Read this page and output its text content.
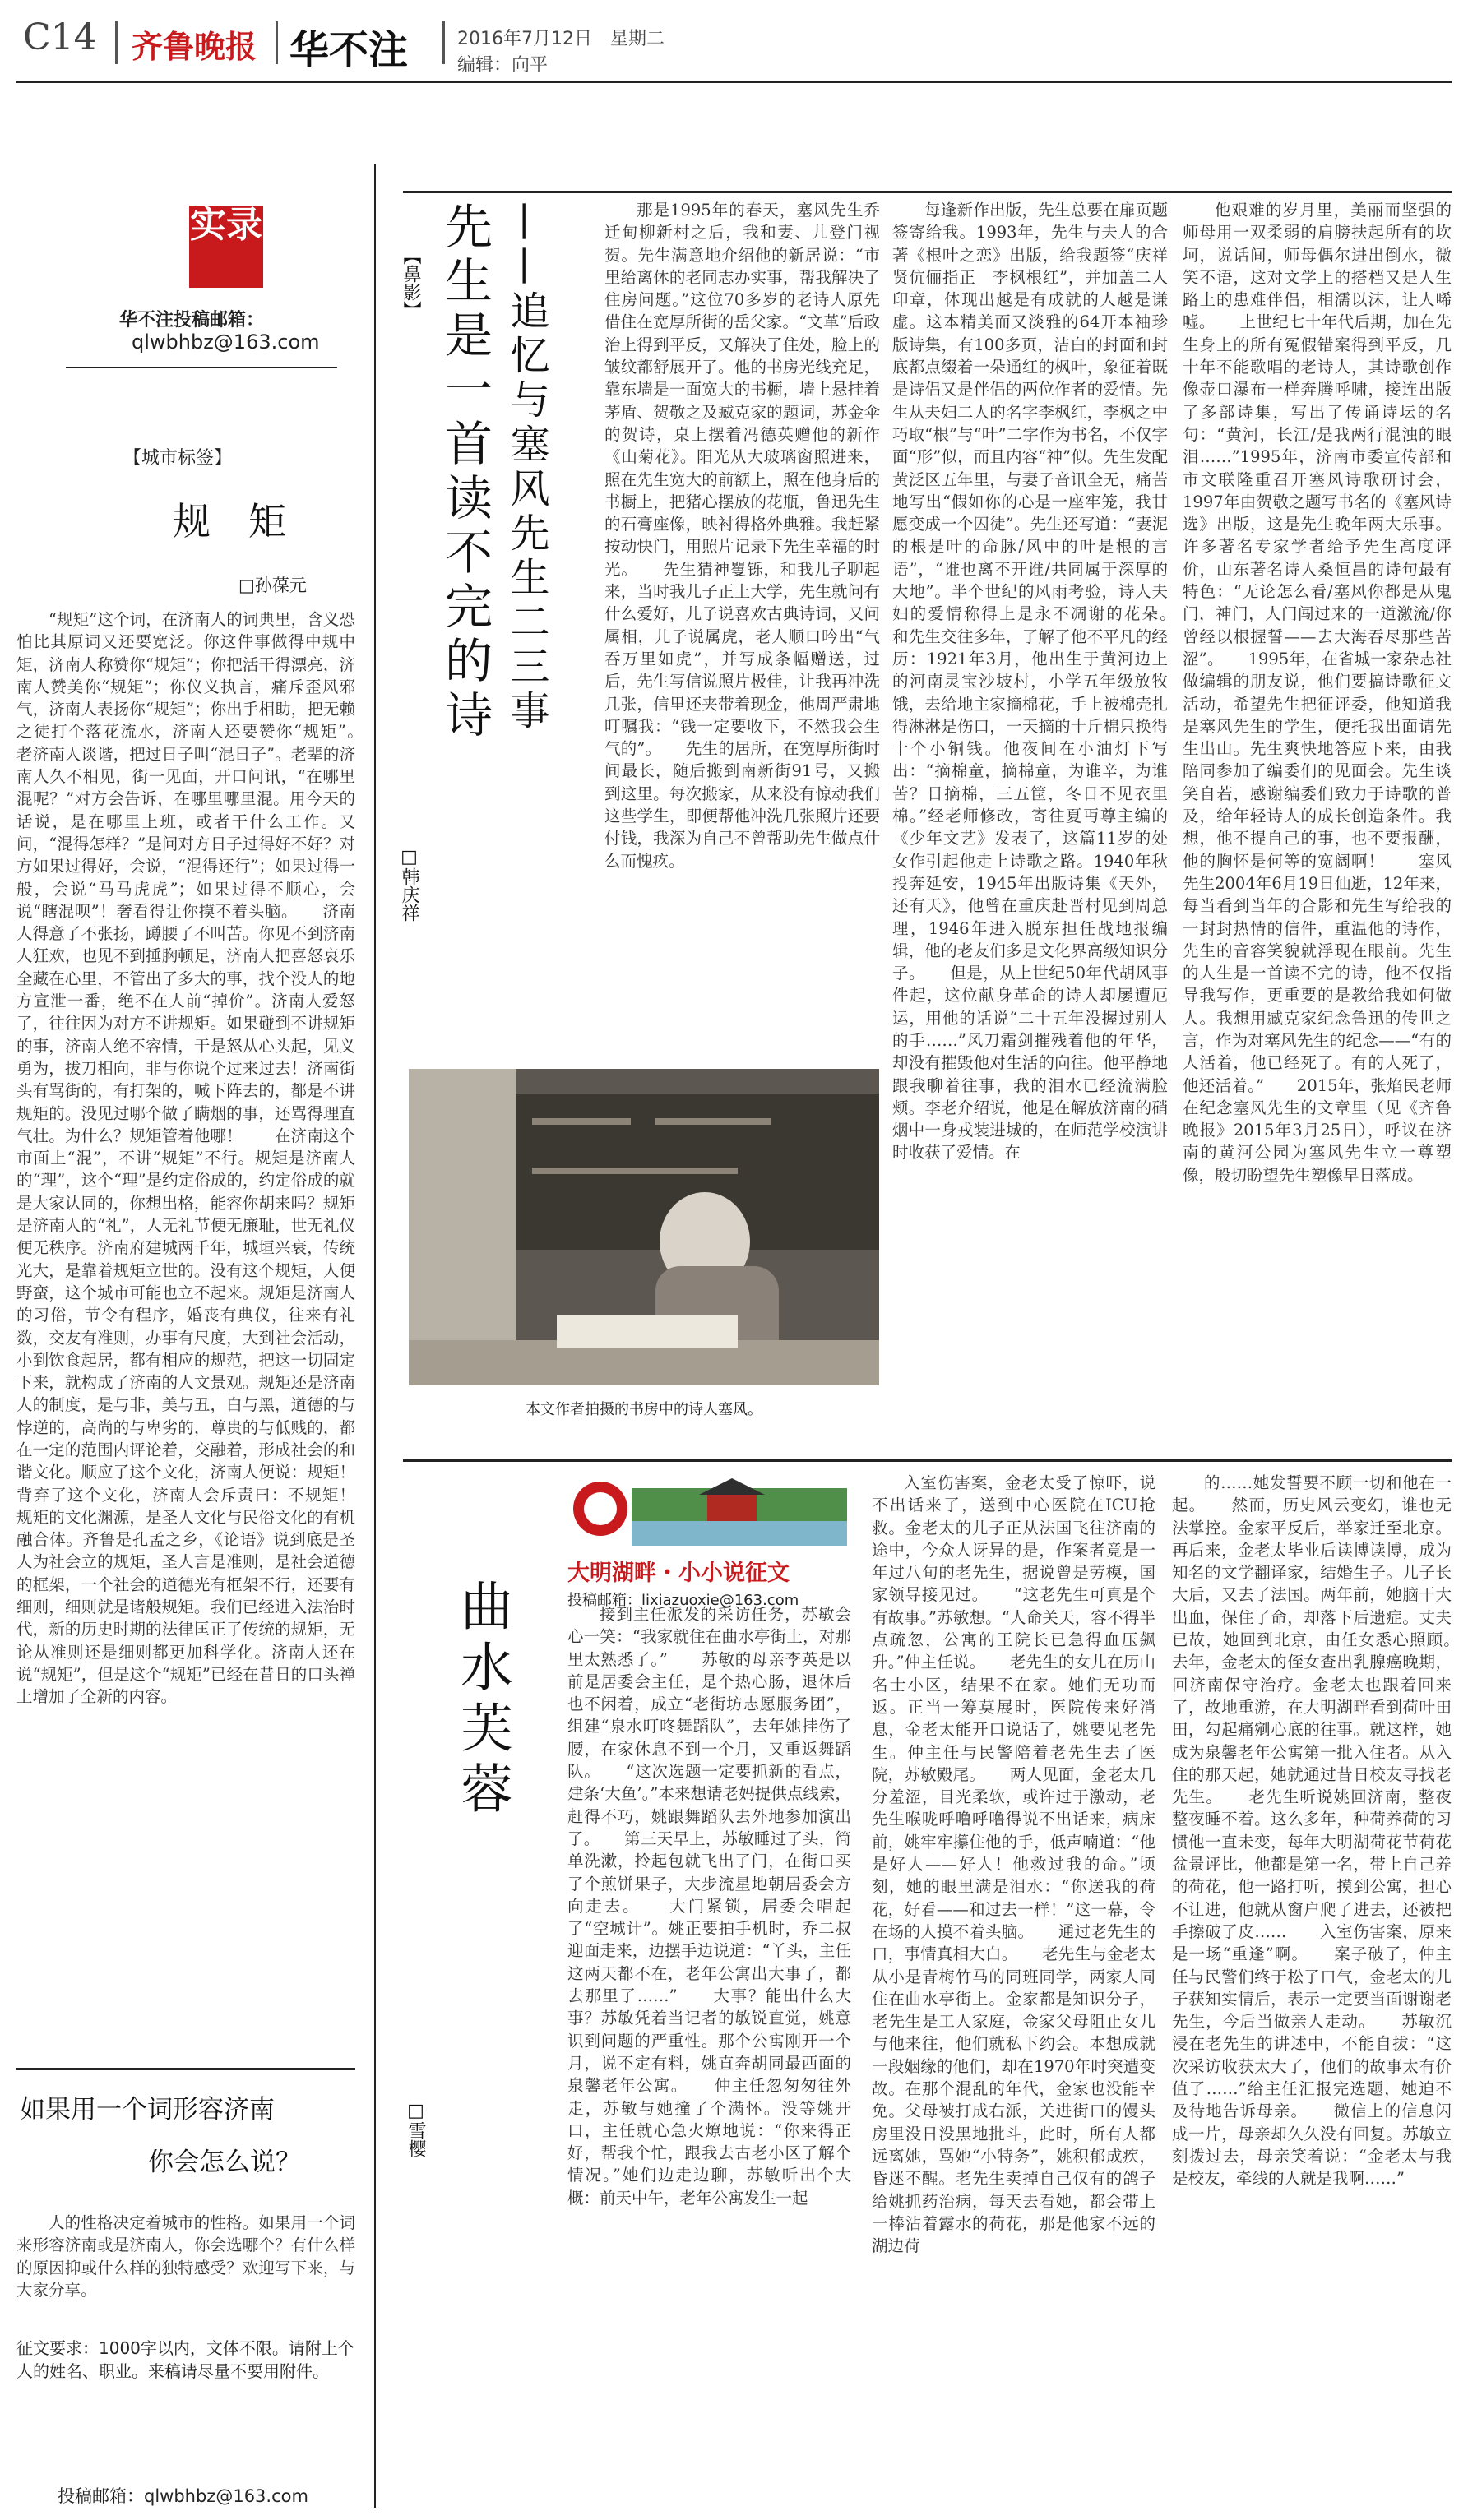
C14 齐鲁晚报 华不注	2016年7月12日　星期二
编辑：向平
实录
华不注投稿邮箱：
qlwbhbz@163.com
【城市标签】
规　矩
□孙葆元

“规矩”这个词，在济南人的词典里，含义恐怕比其原词又还要宽泛。你这件事做得中规中矩，济南人称赞你“规矩”；你把活干得漂亮，济南人赞美你“规矩”；你仪义执言，痛斥歪风邪气，济南人表扬你“规矩”；你出手相助，把无赖之徒打个落花流水，济南人还要赞你“规矩”。　　老济南人谈谐，把过日子叫“混日子”。老辈的济南人久不相见，街一见面，开口问讯，“在哪里混呢？”对方会告诉，在哪里哪里混。用今天的话说，是在哪里上班，或者干什么工作。又问，“混得怎样？”是问对方日子过得好不好？对方如果过得好，会说，“混得还行”；如果过得一般，会说“马马虎虎”；如果过得不顺心，会说“瞎混呗”！奢看得让你摸不着头脑。　　济南人得意了不张扬，蹲腰了不叫苦。你见不到济南人狂欢，也见不到捶胸顿足，济南人把喜怒哀乐全藏在心里，不管出了多大的事，找个没人的地方宣泄一番，绝不在人前“掉价”。济南人爱怒了，往往因为对方不讲规矩。如果碰到不讲规矩的事，济南人绝不容情，于是怒从心头起，见义勇为，拔刀相向，非与你说个过来过去！济南街头有骂街的，有打架的，喊下阵去的，都是不讲规矩的。没见过哪个做了瞒烟的事，还骂得理直气壮。为什么？规矩管着他哪！　　在济南这个市面上“混”，不讲“规矩”不行。规矩是济南人的“理”，这个“理”是约定俗成的，约定俗成的就是大家认同的，你想出格，能容你胡来吗？规矩是济南人的“礼”，人无礼节便无廉耻，世无礼仪便无秩序。济南府建城两千年，城垣兴衰，传统光大，是靠着规矩立世的。没有这个规矩，人便野蛮，这个城市可能也立不起来。规矩是济南人的习俗，节令有程序，婚丧有典仪，往来有礼数，交友有准则，办事有尺度，大到社会活动，小到饮食起居，都有相应的规范，把这一切固定下来，就构成了济南的人文景观。规矩还是济南人的制度，是与非，美与丑，白与黑，道德的与悖逆的，高尚的与卑劣的，尊贵的与低贱的，都在一定的范围内评论着，交融着，形成社会的和谐文化。顺应了这个文化，济南人便说：规矩！背弃了这个文化，济南人会斥责曰：不规矩！　　规矩的文化渊源，是圣人文化与民俗文化的有机融合体。齐鲁是孔孟之乡，《论语》说到底是圣人为社会立的规矩，圣人言是准则，是社会道德的框架，一个社会的道德光有框架不行，还要有细则，细则就是诸般规矩。我们已经进入法治时代，新的历史时期的法律匡正了传统的规矩，无论从准则还是细则都更加科学化。济南人还在说“规矩”，但是这个“规矩”已经在昔日的口头禅上增加了全新的内容。

如果用一个词形容济南
你会怎么说？

人的性格决定着城市的性格。如果用一个词来形容济南或是济南人，你会选哪个？有什么样的原因抑或什么样的独特感受？欢迎写下来，与大家分享。

征文要求：1000字以内，文体不限。请附上个人的姓名、职业。来稿请尽量不要用附件。
投稿邮箱：qlwbhbz@163.com
【鼻影】 先生是一首读不完的诗 ——追忆与塞风先生二三事
□韩庆祥

那是1995年的春天，塞风先生乔迁甸柳新村之后，我和妻、儿登门视贺。先生满意地介绍他的新居说：“市里给离休的老同志办实事，帮我解决了住房问题。”这位70多岁的老诗人原先借住在宽厚所街的岳父家。“文革”后政治上得到平反，又解决了住处，脸上的皱纹都舒展开了。他的书房光线充足，靠东墙是一面宽大的书橱，墙上悬挂着茅盾、贺敬之及臧克家的题词，苏金伞的贺诗，桌上摆着冯德英赠他的新作《山菊花》。阳光从大玻璃窗照进来，照在先生宽大的前额上，照在他身后的书橱上，把猪心摆放的花瓶，鲁迅先生的石膏座像，映衬得格外典雅。我赶紧按动快门，用照片记录下先生幸福的时光。　　先生猜神矍铄，和我儿子聊起来，当时我儿子正上大学，先生就问有什么爱好，儿子说喜欢古典诗词，又问属相，儿子说属虎，老人顺口吟出“气吞万里如虎”，并写成条幅赠送，过后，先生写信说照片极佳，让我再冲洗几张，信里还夹带着现金，他周严肃地叮嘱我：“钱一定要收下，不然我会生气的”。　　先生的居所，在宽厚所街时间最长，随后搬到南新街91号，又搬到这里。每次搬家，从来没有惊动我们这些学生，即便帮他冲洗几张照片还要付钱，我深为自己不曾帮助先生做点什么而愧疚。

每逢新作出版，先生总要在扉页题签寄给我。1993年，先生与夫人的合著《根叶之恋》出版，给我题签“庆祥贤伉俪指正　李枫根红”，并加盖二人印章，体现出越是有成就的人越是谦虚。这本精美而又淡雅的64开本袖珍版诗集，有100多页，洁白的封面和封底都点缀着一朵通红的枫叶，象征着既是诗侣又是伴侣的两位作者的爱情。先生从夫妇二人的名字李枫红，李枫之中巧取“根”与“叶”二字作为书名，不仅字面“形”似，而且内容“神”似。先生发配黄泛区五年里，与妻子音讯全无，痛苦地写出“假如你的心是一座牢笼，我甘愿变成一个囚徒”。先生还写道：“妻泥的根是叶的命脉/风中的叶是根的言语”，“谁也离不开谁/共同属于深厚的大地”。半个世纪的风雨考验，诗人夫妇的爱情称得上是永不凋谢的花朵。　　和先生交往多年，了解了他不平凡的经历：1921年3月，他出生于黄河边上的河南灵宝沙坡村，小学五年级放牧饿，去给地主家摘棉花，手上被棉壳扎得淋淋是伤口，一天摘的十斤棉只换得十个小铜钱。他夜间在小油灯下写出：“摘棉童，摘棉童，为谁辛，为谁苦？日摘棉，三五筐，冬日不见衣里棉。”经老师修改，寄往夏丏尊主编的《少年文艺》发表了，这篇11岁的处女作引起他走上诗歌之路。1940年秋投奔延安，1945年出版诗集《天外，还有天》，他曾在重庆赴晋村见到周总理，1946年进入脱东担任战地报编辑，他的老友们多是文化界高级知识分子。　　但是，从上世纪50年代胡风事件起，这位献身革命的诗人却屡遭厄运，用他的话说“二十五年没握过别人的手……”风刀霜剑摧残着他的年华，却没有摧毁他对生活的向往。他平静地跟我聊着往事，我的泪水已经流满脸颊。李老介绍说，他是在解放济南的硝烟中一身戎装进城的，在师范学校演讲时收获了爱情。在

他艰难的岁月里，美丽而坚强的师母用一双柔弱的肩膀扶起所有的坎坷，说话间，师母偶尔进出倒水，微笑不语，这对文学上的搭档又是人生路上的患难伴侣，相濡以沫，让人唏嘘。　　上世纪七十年代后期，加在先生身上的所有冤假错案得到平反，几十年不能歌唱的老诗人，其诗歌创作像壶口瀑布一样奔腾呼啸，接连出版了多部诗集，写出了传诵诗坛的名句：“黄河，长江/是我两行混浊的眼泪……”1995年，济南市委宣传部和市文联隆重召开塞风诗歌研讨会，1997年由贺敬之题写书名的《塞风诗选》出版，这是先生晚年两大乐事。许多著名专家学者给予先生高度评价，山东著名诗人桑恒昌的诗句最有特色：“无论怎么看/塞风你都是从鬼门，神门，人门闯过来的一道激流/你曾经以根握誓——去大海吞尽那些苦涩”。　　1995年，在省城一家杂志社做编辑的朋友说，他们要搞诗歌征文活动，希望先生把征评委，他知道我是塞风先生的学生，便托我出面请先生出山。先生爽快地答应下来，由我陪同参加了编委们的见面会。先生谈笑自若，感谢编委们致力于诗歌的普及，给年轻诗人的成长创造条件。我想，他不提自己的事，也不要报酬，他的胸怀是何等的宽阔啊！　　塞风先生2004年6月19日仙逝，12年来，每当看到当年的合影和先生写给我的一封封热情的信件，重温他的诗作，先生的音容笑貌就浮现在眼前。先生的人生是一首读不完的诗，他不仅指导我写作，更重要的是教给我如何做人。我想用臧克家纪念鲁迅的传世之言，作为对塞风先生的纪念——“有的人活着，他已经死了。有的人死了，他还活着。”　　2015年，张焰民老师在纪念塞风先生的文章里（见《齐鲁晚报》2015年3月25日），呼议在济南的黄河公园为塞风先生立一尊塑像，殷切盼望先生塑像早日落成。

本文作者拍摄的书房中的诗人塞风。
曲水芙蓉
□雪樱
大明湖畔・小小说征文
投稿邮箱：lixiazuoxie@163.com

接到主任派发的采访任务，苏敏会心一笑：“我家就住在曲水亭街上，对那里太熟悉了。”　　苏敏的母亲李英是以前是居委会主任，是个热心肠，退休后也不闲着，成立“老街坊志愿服务团”，组建“泉水叮咚舞蹈队”，去年她挂伤了腰，在家休息不到一个月，又重返舞蹈队。　　“这次选题一定要抓新的看点，建条‘大鱼’。”本来想请老妈提供点线索，赶得不巧，姚跟舞蹈队去外地参加演出了。　　第三天早上，苏敏睡过了头，简单洗漱，拎起包就飞出了门，在街口买了个煎饼果子，大步流星地朝居委会方向走去。　　大门紧锁，居委会唱起了“空城计”。姚正要拍手机时，乔二叔迎面走来，边摆手边说道：“丫头，主任这两天都不在，老年公寓出大事了，都去那里了……”　　大事？能出什么大事？苏敏凭着当记者的敏锐直觉，姚意识到问题的严重性。那个公寓刚开一个月，说不定有料，姚直奔胡同最西面的泉馨老年公寓。　　仲主任忽匆匆往外走，苏敏与她撞了个满怀。没等姚开口，主任就心急火燎地说：“你来得正好，帮我个忙，跟我去古老小区了解个情况。”她们边走边聊，苏敏听出个大概：前天中午，老年公寓发生一起

入室伤害案，金老太受了惊吓，说不出话来了，送到中心医院在ICU抢救。金老太的儿子正从法国飞往济南的途中，今众人讶异的是，作案者竟是一年过八旬的老先生，据说曾是劳模，国家领导接见过。　　“这老先生可真是个有故事。”苏敏想。“人命关天，容不得半点疏忽，公寓的王院长已急得血压飙升。”仲主任说。　　老先生的女儿在历山名士小区，结果不在家。她们无功而返。正当一筹莫展时，医院传来好消息，金老太能开口说话了，姚要见老先生。仲主任与民警陪着老先生去了医院，苏敏殿尾。　　两人见面，金老太几分羞涩，目光柔软，或许过于激动，老先生喉咙呼噜呼噜得说不出话来，病床前，姚牢牢攥住他的手，低声喃道：“他是好人——好人！他救过我的命。”顷刻，她的眼里满是泪水：“你送我的荷花，好看——和过去一样！”这一幕，令在场的人摸不着头脑。　　通过老先生的口，事情真相大白。　　老先生与金老太从小是青梅竹马的同班同学，两家人同住在曲水亭街上。金家都是知识分子，老先生是工人家庭，金家父母阻止女儿与他来往，他们就私下约会。本想成就一段姻缘的他们，却在1970年时突遭变故。在那个混乱的年代，金家也没能幸免。父母被打成右派，关进街口的馒头房里没日没黑地批斗，此时，所有人都远离她，骂她“小特务”，姚积郁成疾，昏迷不醒。老先生卖掉自己仅有的鸽子给姚抓药治病，每天去看她，都会带上一棒沾着露水的荷花，那是他家不远的湖边荷

的……她发誓要不顾一切和他在一起。　　然而，历史风云变幻，谁也无法掌控。金家平反后，举家迁至北京。再后来，金老太毕业后读博读博，成为知名的文学翻译家，结婚生子。儿子长大后，又去了法国。两年前，她脑干大出血，保住了命，却落下后遗症。丈夫已故，她回到北京，由任女悉心照顾。　　去年，金老太的侄女查出乳腺癌晚期，回济南保守治疗。金老太也跟着回来了，故地重游，在大明湖畔看到荷叶田田，勾起痛剜心底的往事。就这样，她成为泉馨老年公寓第一批入住者。从入住的那天起，她就通过昔日校友寻找老先生。　　老先生听说姚回济南，整夜整夜睡不着。这么多年，种荷养荷的习惯他一直未变，每年大明湖荷花节荷花盆景评比，他都是第一名，带上自己养的荷花，他一路打听，摸到公寓，担心不让进，他就从窗户爬了进去，还被把手擦破了皮……　　入室伤害案，原来是一场“重逢”啊。　　案子破了，仲主任与民警们终于松了口气，金老太的儿子获知实情后，表示一定要当面谢谢老先生，今后当做亲人走动。　　苏敏沉浸在老先生的讲述中，不能自拔：“这次采访收获太大了，他们的故事太有价值了……”给主任汇报完选题，她迫不及待地告诉母亲。　　微信上的信息闪成一片，母亲却久久没有回复。苏敏立刻拨过去，母亲笑着说：“金老太与我是校友，牵线的人就是我啊……”
